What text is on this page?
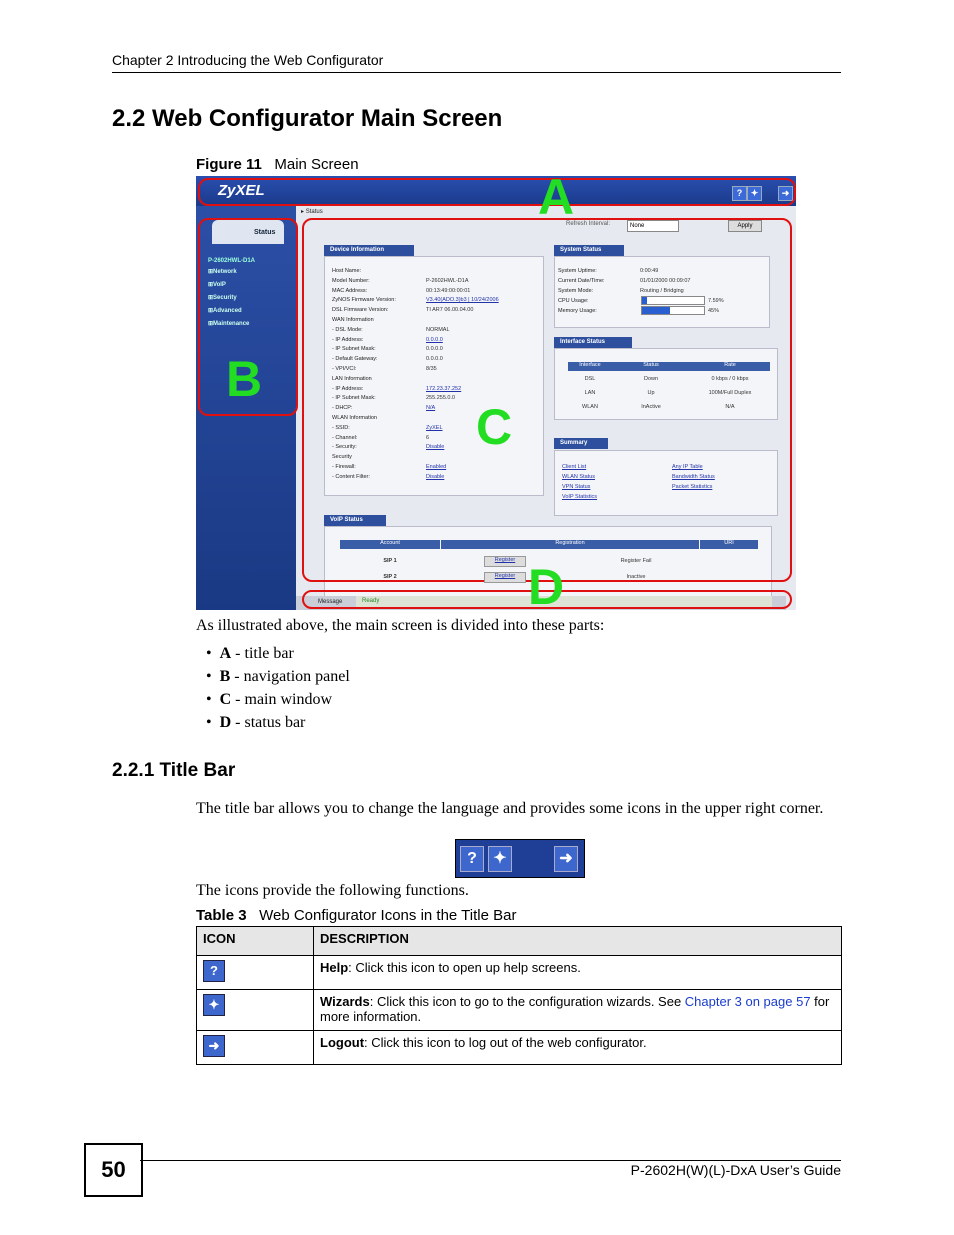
Chapter 2 Introducing the Web Configurator
2.2 Web Configurator Main Screen
Figure 11 Main Screen
ZyXEL	? ✦	➜
Status
P-2602HWL-D1A
⊞Network
⊞VoIP
⊞Security
⊞Advanced
⊞Maintenance
▸ Status
Refresh Interval:	None	Apply
Device Information	System Status
Interface Status
Summary
VoIP Status
Message	Ready
A
B
C
D
Host Name:
Model Number:	P-2602HWL-D1A
MAC Address:	00:13:49:00:00:01
ZyNOS Firmware Version:	V3.40(ADO.3)b3 | 10/24/2006
DSL Firmware Version:	TI AR7 06.00.04.00
WAN Information
- DSL Mode:	NORMAL
- IP Address:	0.0.0.0
- IP Subnet Mask:	0.0.0.0
- Default Gateway:	0.0.0.0
- VPI/VCI:	8/35
LAN Information
- IP Address:	172.23.37.252
- IP Subnet Mask:	255.255.0.0
- DHCP:	N/A
WLAN Information
- SSID:	ZyXEL
- Channel:	6
- Security:	Disable
Security
- Firewall:	Enabled
- Content Filter:	Disable
System Uptime:	0:00:49
Current Date/Time:	01/01/2000 00:09:07
System Mode:	Routing / Bridging
CPU Usage:	7.59%
Memory Usage:	45%
Interface	Status	Rate
DSL	Down	0 kbps / 0 kbps
LAN	Up	100M/Full Duplex
WLAN	InActive	N/A
Client List	Any IP Table
WLAN Status	Bandwidth Status
VPN Status	Packet Statistics
VoIP Statistics
Account	Registration	URI
SIP 1	Register	Register Fail
SIP 2	Register	Inactive
As illustrated above, the main screen is divided into these parts:
•  A - title bar
•  B - navigation panel
•  C - main window
•  D - status bar
2.2.1 Title Bar
The title bar allows you to change the language and provides some icons in the upper right corner.
?	✦	➜
The icons provide the following functions.
Table 3 Web Configurator Icons in the Title Bar
ICON	DESCRIPTION
?	Help: Click this icon to open up help screens.
✦	Wizards: Click this icon to go to the configuration wizards. See Chapter 3 on page 57 for more information.
➜	Logout: Click this icon to log out of the web configurator.
50	P-2602H(W)(L)-DxA User’s Guide
